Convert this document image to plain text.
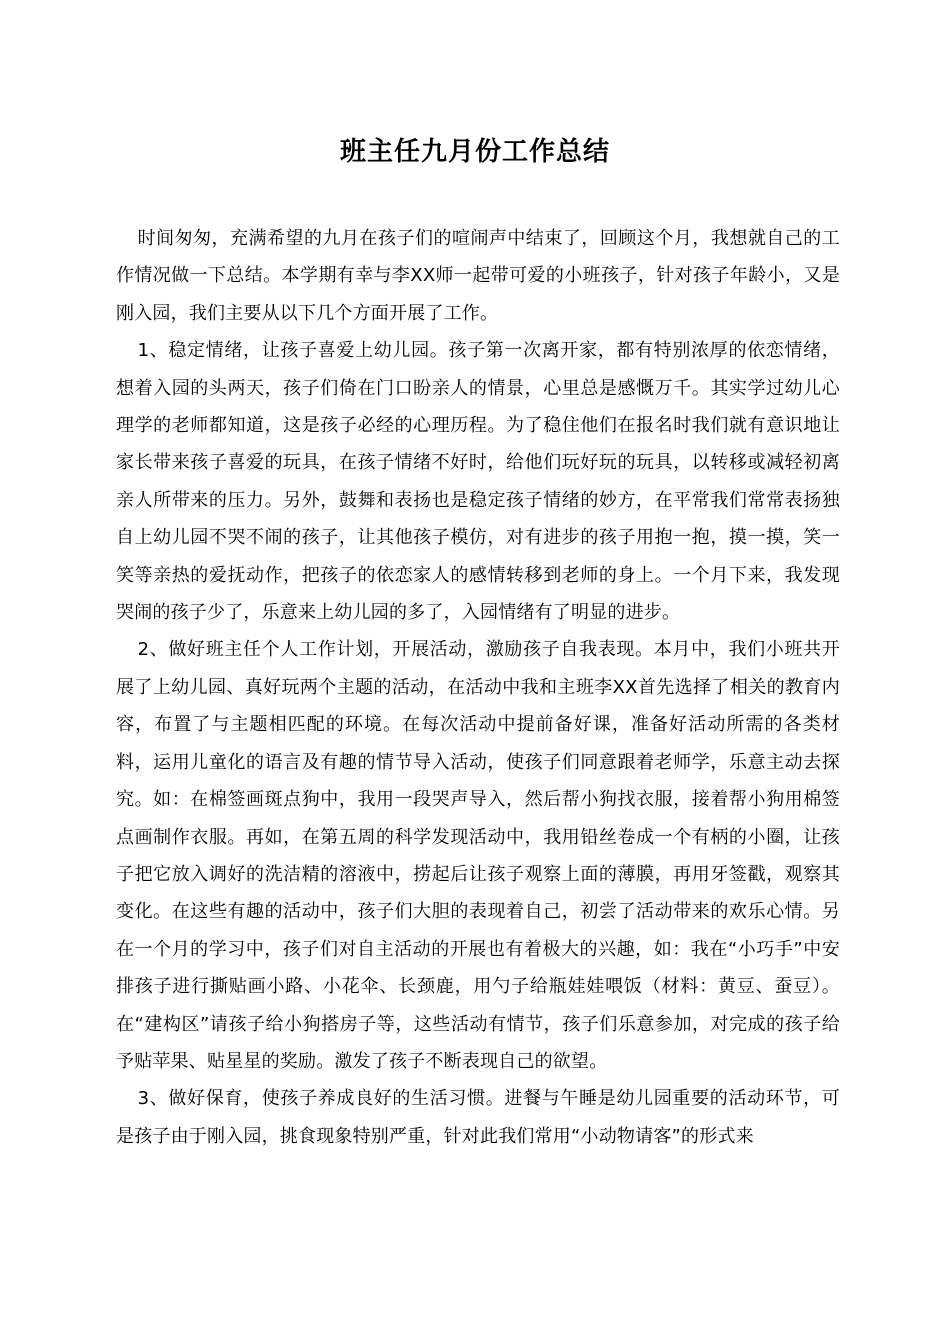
班主任九月份工作总结

时间匆匆，充满希望的九月在孩子们的喧闹声中结束了，回顾这个月，我想就自己的工作情况做一下总结。本学期有幸与李XX师一起带可爱的小班孩子，针对孩子年龄小，又是刚入园，我们主要从以下几个方面开展了工作。

1、稳定情绪，让孩子喜爱上幼儿园。孩子第一次离开家，都有特别浓厚的依恋情绪，想着入园的头两天，孩子们倚在门口盼亲人的情景，心里总是感慨万千。其实学过幼儿心理学的老师都知道，这是孩子必经的心理历程。为了稳住他们在报名时我们就有意识地让家长带来孩子喜爱的玩具，在孩子情绪不好时，给他们玩好玩的玩具，以转移或减轻初离亲人所带来的压力。另外，鼓舞和表扬也是稳定孩子情绪的妙方，在平常我们常常表扬独自上幼儿园不哭不闹的孩子，让其他孩子模仿，对有进步的孩子用抱一抱，摸一摸，笑一笑等亲热的爱抚动作，把孩子的依恋家人的感情转移到老师的身上。一个月下来，我发现哭闹的孩子少了，乐意来上幼儿园的多了，入园情绪有了明显的进步。

2、做好班主任个人工作计划，开展活动，激励孩子自我表现。本月中，我们小班共开展了上幼儿园、真好玩两个主题的活动，在活动中我和主班李XX首先选择了相关的教育内容，布置了与主题相匹配的环境。在每次活动中提前备好课，准备好活动所需的各类材料，运用儿童化的语言及有趣的情节导入活动，使孩子们同意跟着老师学，乐意主动去探究。如：在棉签画斑点狗中，我用一段哭声导入，然后帮小狗找衣服，接着帮小狗用棉签点画制作衣服。再如，在第五周的科学发现活动中，我用铅丝卷成一个有柄的小圈，让孩子把它放入调好的洗洁精的溶液中，捞起后让孩子观察上面的薄膜，再用牙签戳，观察其变化。在这些有趣的活动中，孩子们大胆的表现着自己，初尝了活动带来的欢乐心情。另在一个月的学习中，孩子们对自主活动的开展也有着极大的兴趣，如：我在“小巧手”中安排孩子进行撕贴画小路、小花伞、长颈鹿，用勺子给瓶娃娃喂饭（材料：黄豆、蚕豆）。在“建构区”请孩子给小狗搭房子等，这些活动有情节，孩子们乐意参加，对完成的孩子给予贴苹果、贴星星的奖励。激发了孩子不断表现自己的欲望。

3、做好保育，使孩子养成良好的生活习惯。进餐与午睡是幼儿园重要的活动环节，可是孩子由于刚入园，挑食现象特别严重，针对此我们常用“小动物请客”的形式来
